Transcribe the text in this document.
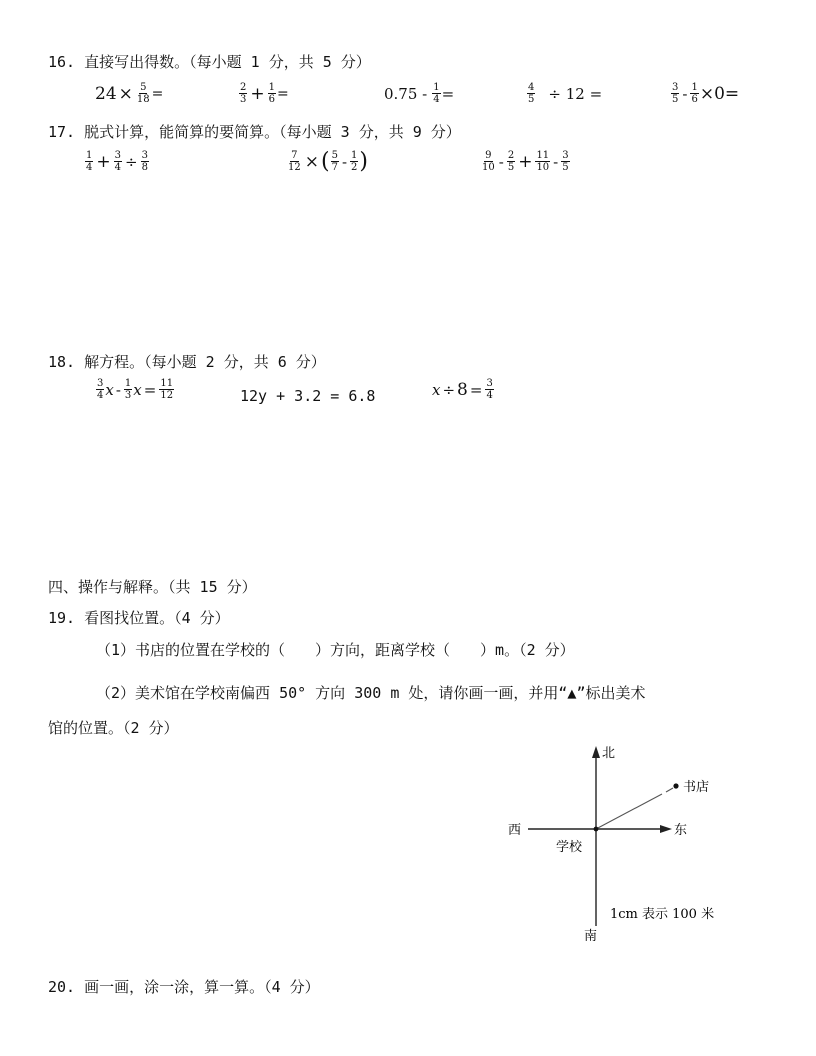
16. 直接写出得数。（每小题 1 分，共 5 分）
$24 \times \frac{5}{18}$ =	$\frac{2}{3} + \frac{1}{6}$ =	$0.75 - \frac{1}{4}$ =	$\frac{4}{5} \div 12$ =	$\frac{3}{5} - \frac{1}{6} \times 0=$
17. 脱式计算，能简算的要简算。（每小题 3 分，共 9 分）
$\frac{1}{4} + \frac{3}{4} \div \frac{3}{8}$	$\frac{7}{12}$ × ( $\frac{5}{7} - \frac{1}{2}$ )	$\frac{9}{10} - \frac{2}{5} + \frac{11}{10} - \frac{3}{5}$
18. 解方程。（每小题 2 分，共 6 分）
$\frac{3}{4}$ x - $\frac{1}{3}$ $x = \frac{11}{12}$	12y + 3.2 = 6.8	$x \div 8 = \frac{3}{4}$
四、操作与解释。（共 15 分）
19. 看图找位置。（4 分）
（1）书店的位置在学校的（　　）方向，距离学校（　　）m。（2 分）
（2）美术馆在学校南偏西 50° 方向 300 m 处，请你画一画，并用“▲”标出美术
馆的位置。（2 分）
北
南
东
西
学校
书店
1cm 表示 100 米
20. 画一画，涂一涂，算一算。（4 分）
